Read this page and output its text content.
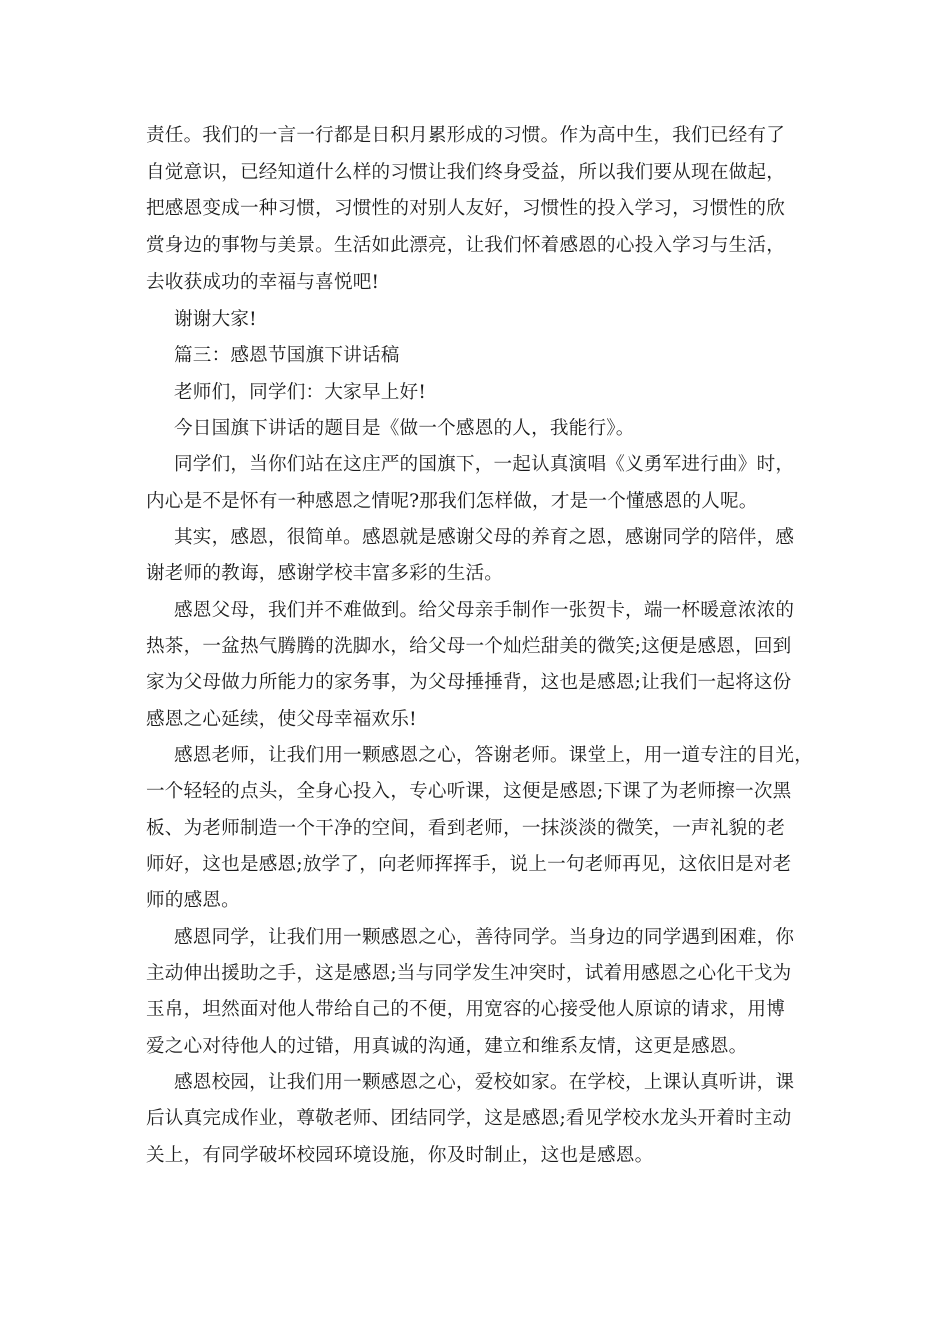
责任。我们的一言一行都是日积月累形成的习惯。作为高中生，我们已经有了
自觉意识，已经知道什么样的习惯让我们终身受益，所以我们要从现在做起，
把感恩变成一种习惯，习惯性的对别人友好，习惯性的投入学习，习惯性的欣
赏身边的事物与美景。生活如此漂亮，让我们怀着感恩的心投入学习与生活，
去收获成功的幸福与喜悦吧!
谢谢大家!
篇三：感恩节国旗下讲话稿
老师们，同学们：大家早上好!
今日国旗下讲话的题目是《做一个感恩的人，我能行》。
同学们，当你们站在这庄严的国旗下，一起认真演唱《义勇军进行曲》时，
内心是不是怀有一种感恩之情呢?那我们怎样做，才是一个懂感恩的人呢。
其实，感恩，很简单。感恩就是感谢父母的养育之恩，感谢同学的陪伴，感
谢老师的教诲，感谢学校丰富多彩的生活。
感恩父母，我们并不难做到。给父母亲手制作一张贺卡，端一杯暖意浓浓的
热茶，一盆热气腾腾的洗脚水，给父母一个灿烂甜美的微笑;这便是感恩，回到
家为父母做力所能力的家务事，为父母捶捶背，这也是感恩;让我们一起将这份
感恩之心延续，使父母幸福欢乐!
感恩老师，让我们用一颗感恩之心，答谢老师。课堂上，用一道专注的目光，
一个轻轻的点头，全身心投入，专心听课，这便是感恩;下课了为老师擦一次黑
板、为老师制造一个干净的空间，看到老师，一抹淡淡的微笑，一声礼貌的老
师好，这也是感恩;放学了，向老师挥挥手，说上一句老师再见，这依旧是对老
师的感恩。
感恩同学，让我们用一颗感恩之心，善待同学。当身边的同学遇到困难，你
主动伸出援助之手，这是感恩;当与同学发生冲突时，试着用感恩之心化干戈为
玉帛，坦然面对他人带给自己的不便，用宽容的心接受他人原谅的请求，用博
爱之心对待他人的过错，用真诚的沟通，建立和维系友情，这更是感恩。
感恩校园，让我们用一颗感恩之心，爱校如家。在学校，上课认真听讲，课
后认真完成作业，尊敬老师、团结同学，这是感恩;看见学校水龙头开着时主动
关上，有同学破坏校园环境设施，你及时制止，这也是感恩。
